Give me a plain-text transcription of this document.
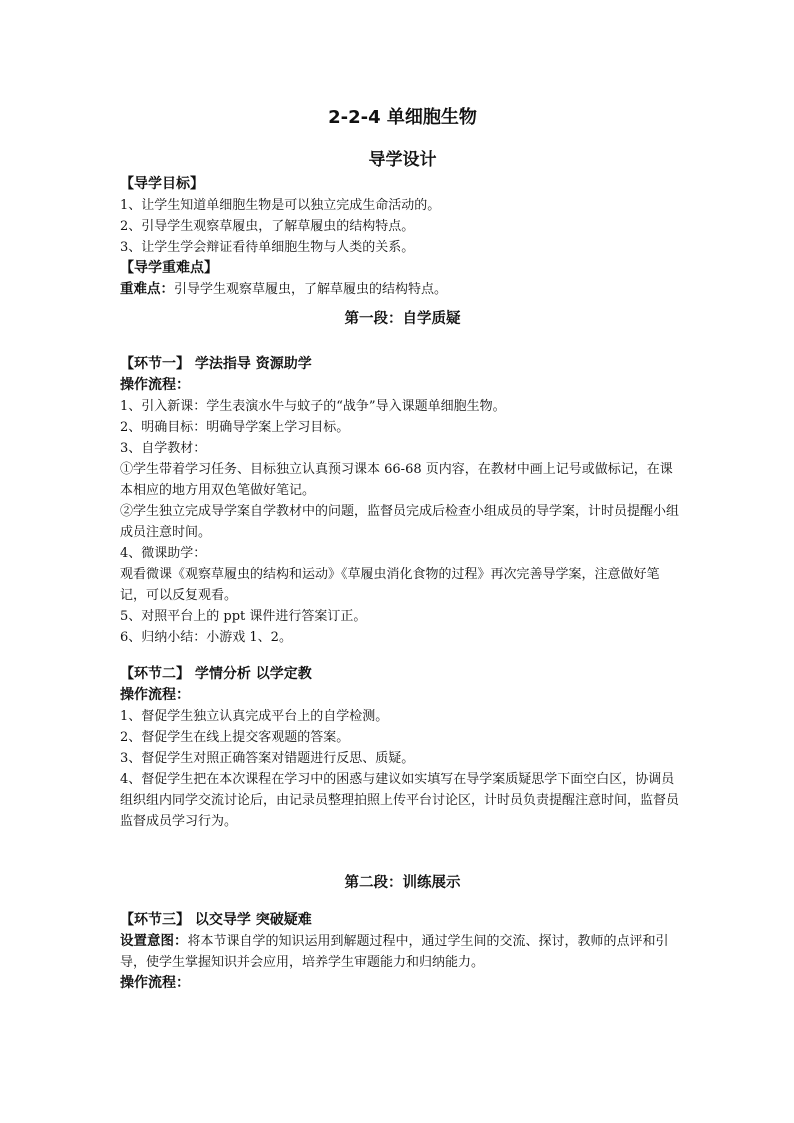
2-2-4 单细胞生物
导学设计
【导学目标】
1、让学生知道单细胞生物是可以独立完成生命活动的。
2、引导学生观察草履虫，了解草履虫的结构特点。
3、让学生学会辩证看待单细胞生物与人类的关系。
【导学重难点】
重难点：引导学生观察草履虫，了解草履虫的结构特点。
第一段：自学质疑
【环节一】 学法指导 资源助学
操作流程：
1、引入新课：学生表演水牛与蚊子的“战争”导入课题单细胞生物。
2、明确目标：明确导学案上学习目标。
3、自学教材：
①学生带着学习任务、目标独立认真预习课本 66-68 页内容，在教材中画上记号或做标记，在课本相应的地方用双色笔做好笔记。
②学生独立完成导学案自学教材中的问题，监督员完成后检查小组成员的导学案，计时员提醒小组成员注意时间。
4、微课助学：
观看微课《观察草履虫的结构和运动》《草履虫消化食物的过程》再次完善导学案，注意做好笔记，可以反复观看。
5、对照平台上的 ppt 课件进行答案订正。
6、归纳小结：小游戏 1、2。
【环节二】 学情分析 以学定教
操作流程：
1、督促学生独立认真完成平台上的自学检测。
2、督促学生在线上提交客观题的答案。
3、督促学生对照正确答案对错题进行反思、质疑。
4、督促学生把在本次课程在学习中的困惑与建议如实填写在导学案质疑思学下面空白区，协调员组织组内同学交流讨论后，由记录员整理拍照上传平台讨论区，计时员负责提醒注意时间，监督员监督成员学习行为。
第二段：训练展示
【环节三】 以交导学 突破疑难
设置意图：将本节课自学的知识运用到解题过程中，通过学生间的交流、探讨，教师的点评和引导，使学生掌握知识并会应用，培养学生审题能力和归纳能力。
操作流程：
